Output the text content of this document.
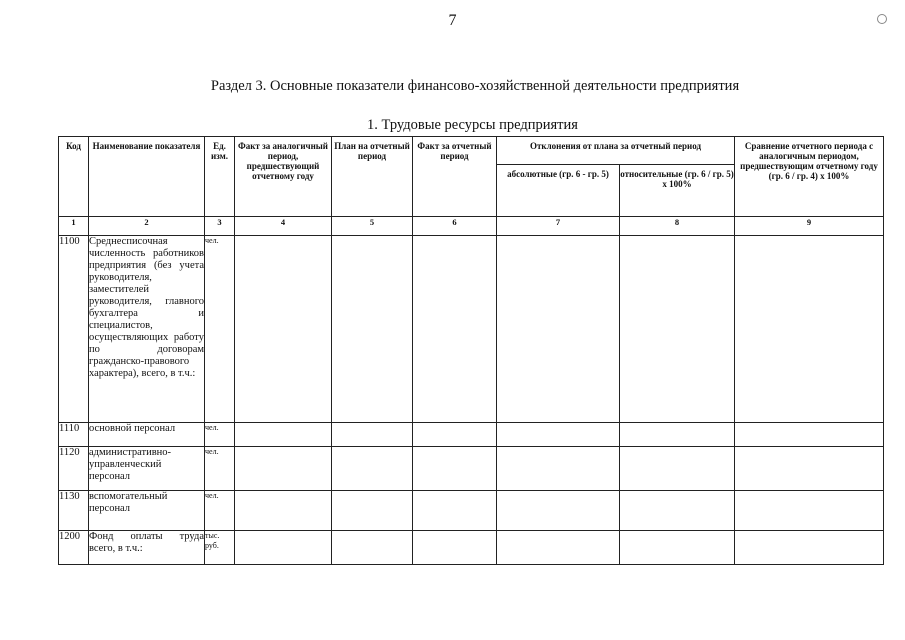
7
Раздел 3. Основные показатели финансово-хозяйственной деятельности предприятия
1. Трудовые ресурсы предприятия
Код	Наименование показателя	Ед. изм.	Факт за аналогичный период, предшествующий отчетному году	План на отчетный период	Факт за отчетный период	Отклонения от плана за отчетный период		Сравнение отчетного периода с аналогичным периодом, предшествующим отчетному году (гр. 6 / гр. 4) х 100%
						абсолютные (гр. 6 - гр. 5)	относительные (гр. 6 / гр. 5) х 100%	
1	2	3	4	5	6	7	8	9
1100	Среднесписочная численность работников предприятия (без учета руководителя, заместителей руководителя, главного бухгалтера и специалистов, осуществляющих работу по договорам гражданско-правового характера), всего, в т.ч.:	чел.						
1110	основной персонал	чел.						
1120	административно-управленческий персонал	чел.						
1130	вспомогательный персонал	чел.						
1200	Фонд оплаты труда всего, в т.ч.:	тыс. руб.						
